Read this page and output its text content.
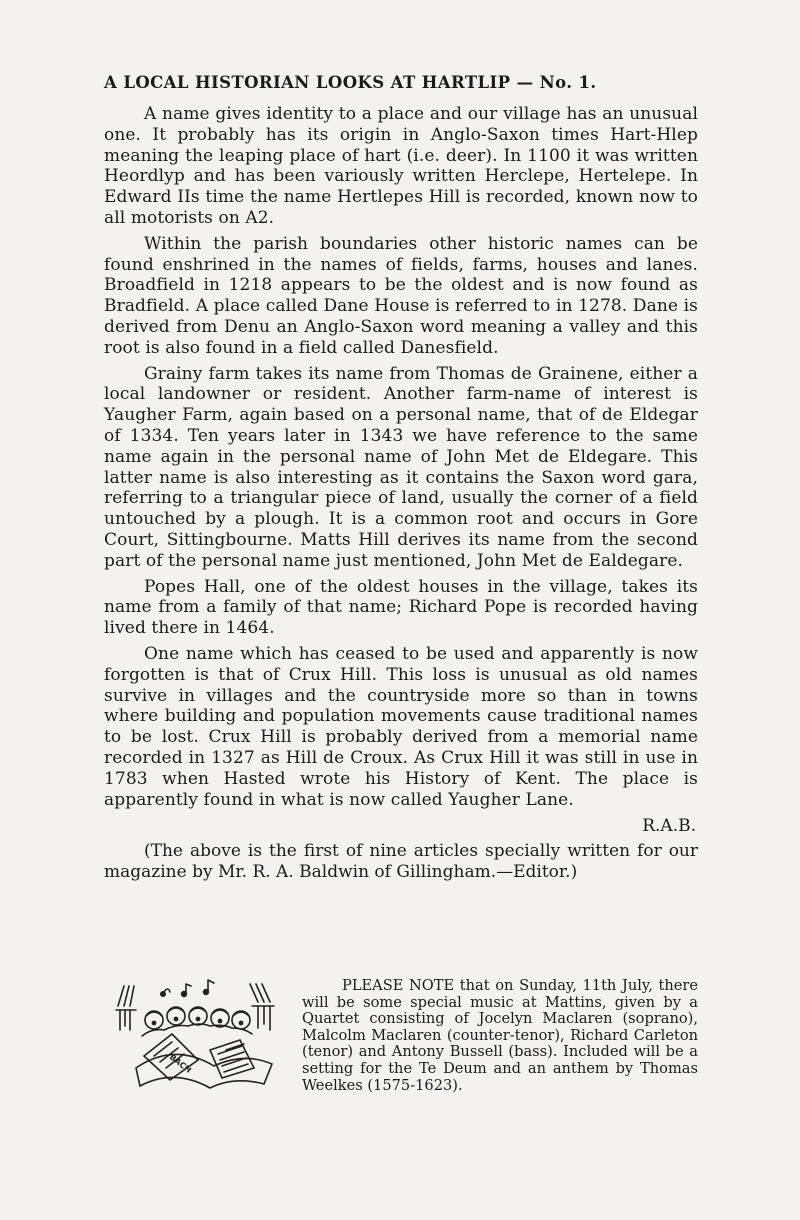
A LOCAL HISTORIAN LOOKS AT HARTLIP — No. 1.

A name gives identity to a place and our village has an unusual one. It probably has its origin in Anglo-Saxon times Hart-Hlep meaning the leaping place of hart (i.e. deer). In 1100 it was written Heordlyp and has been variously written Herclepe, Hertelepe. In Edward IIs time the name Hertlepes Hill is recorded, known now to all motorists on A2.

Within the parish boundaries other historic names can be found enshrined in the names of fields, farms, houses and lanes. Broadfield in 1218 appears to be the oldest and is now found as Bradfield. A place called Dane House is referred to in 1278. Dane is derived from Denu an Anglo-Saxon word meaning a valley and this root is also found in a field called Danesfield.

Grainy farm takes its name from Thomas de Grainene, either a local landowner or resident. Another farm-name of interest is Yaugher Farm, again based on a personal name, that of de Eldegar of 1334. Ten years later in 1343 we have reference to the same name again in the personal name of John Met de Eldegare. This latter name is also interesting as it contains the Saxon word gara, referring to a triangular piece of land, usually the corner of a field untouched by a plough. It is a common root and occurs in Gore Court, Sittingbourne. Matts Hill derives its name from the second part of the personal name just mentioned, John Met de Ealdegare.

Popes Hall, one of the oldest houses in the village, takes its name from a family of that name; Richard Pope is recorded having lived there in 1464.

One name which has ceased to be used and apparently is now forgotten is that of Crux Hill. This loss is unusual as old names survive in villages and the countryside more so than in towns where building and population movements cause traditional names to be lost. Crux Hill is probably derived from a memorial name recorded in 1327 as Hill de Croux. As Crux Hill it was still in use in 1783 when Hasted wrote his History of Kent. The place is apparently found in what is now called Yaugher Lane.

R.A.B.

(The above is the first of nine articles specially written for our magazine by Mr. R. A. Baldwin of Gillingham.—Editor.)

BACH

PLEASE NOTE that on Sunday, 11th July, there will be some special music at Mattins, given by a Quartet consisting of Jocelyn Maclaren (soprano), Malcolm Maclaren (counter-tenor), Richard Carleton (tenor) and Antony Bussell (bass). Included will be a setting for the Te Deum and an anthem by Thomas Weelkes (1575-1623).
